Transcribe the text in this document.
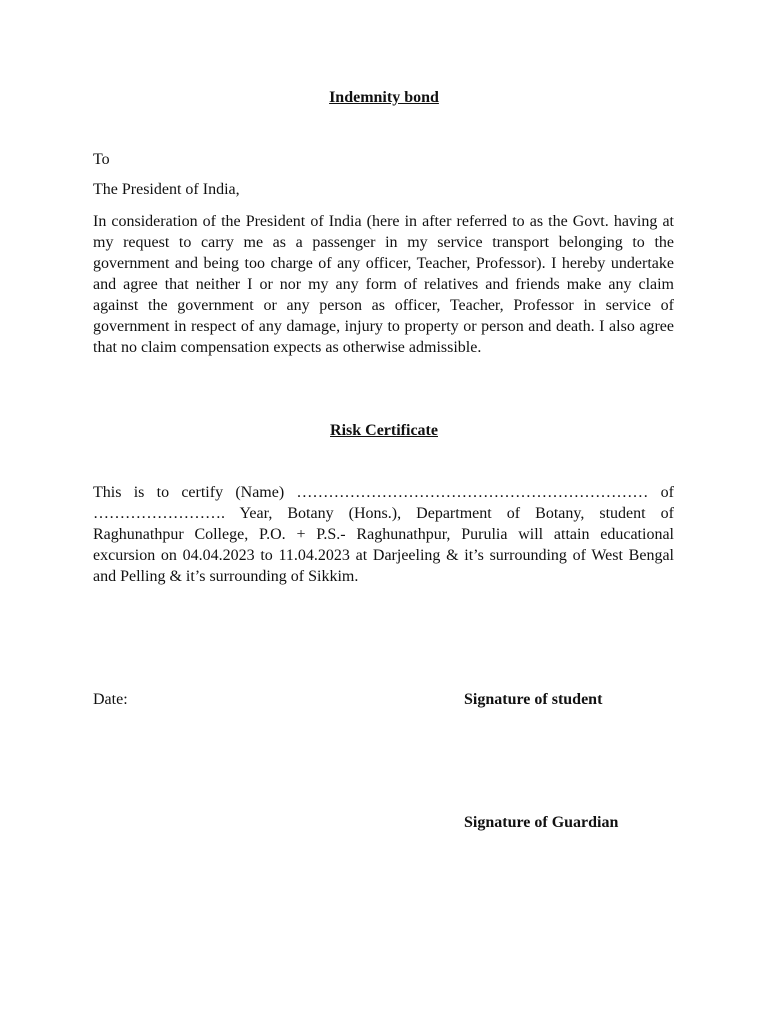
Indemnity bond
To
The President of India,
In consideration of the President of India (here in after referred to as the Govt. having at my request to carry me as a passenger in my service transport belonging to the government and being too charge of any officer, Teacher, Professor). I hereby undertake and agree that neither I or nor my any form of relatives and friends make any claim against the government or any person as officer, Teacher, Professor in service of government in respect of any damage, injury to property or person and death. I also agree that no claim compensation expects as otherwise admissible.
Risk Certificate
This is to certify (Name) ………………………………………………………… of ……………………. Year, Botany (Hons.), Department of Botany, student of Raghunathpur College, P.O. + P.S.- Raghunathpur, Purulia will attain educational excursion on 04.04.2023 to 11.04.2023 at Darjeeling & it’s surrounding of West Bengal and Pelling & it’s surrounding of Sikkim.
Date:	Signature of student
Signature of Guardian
